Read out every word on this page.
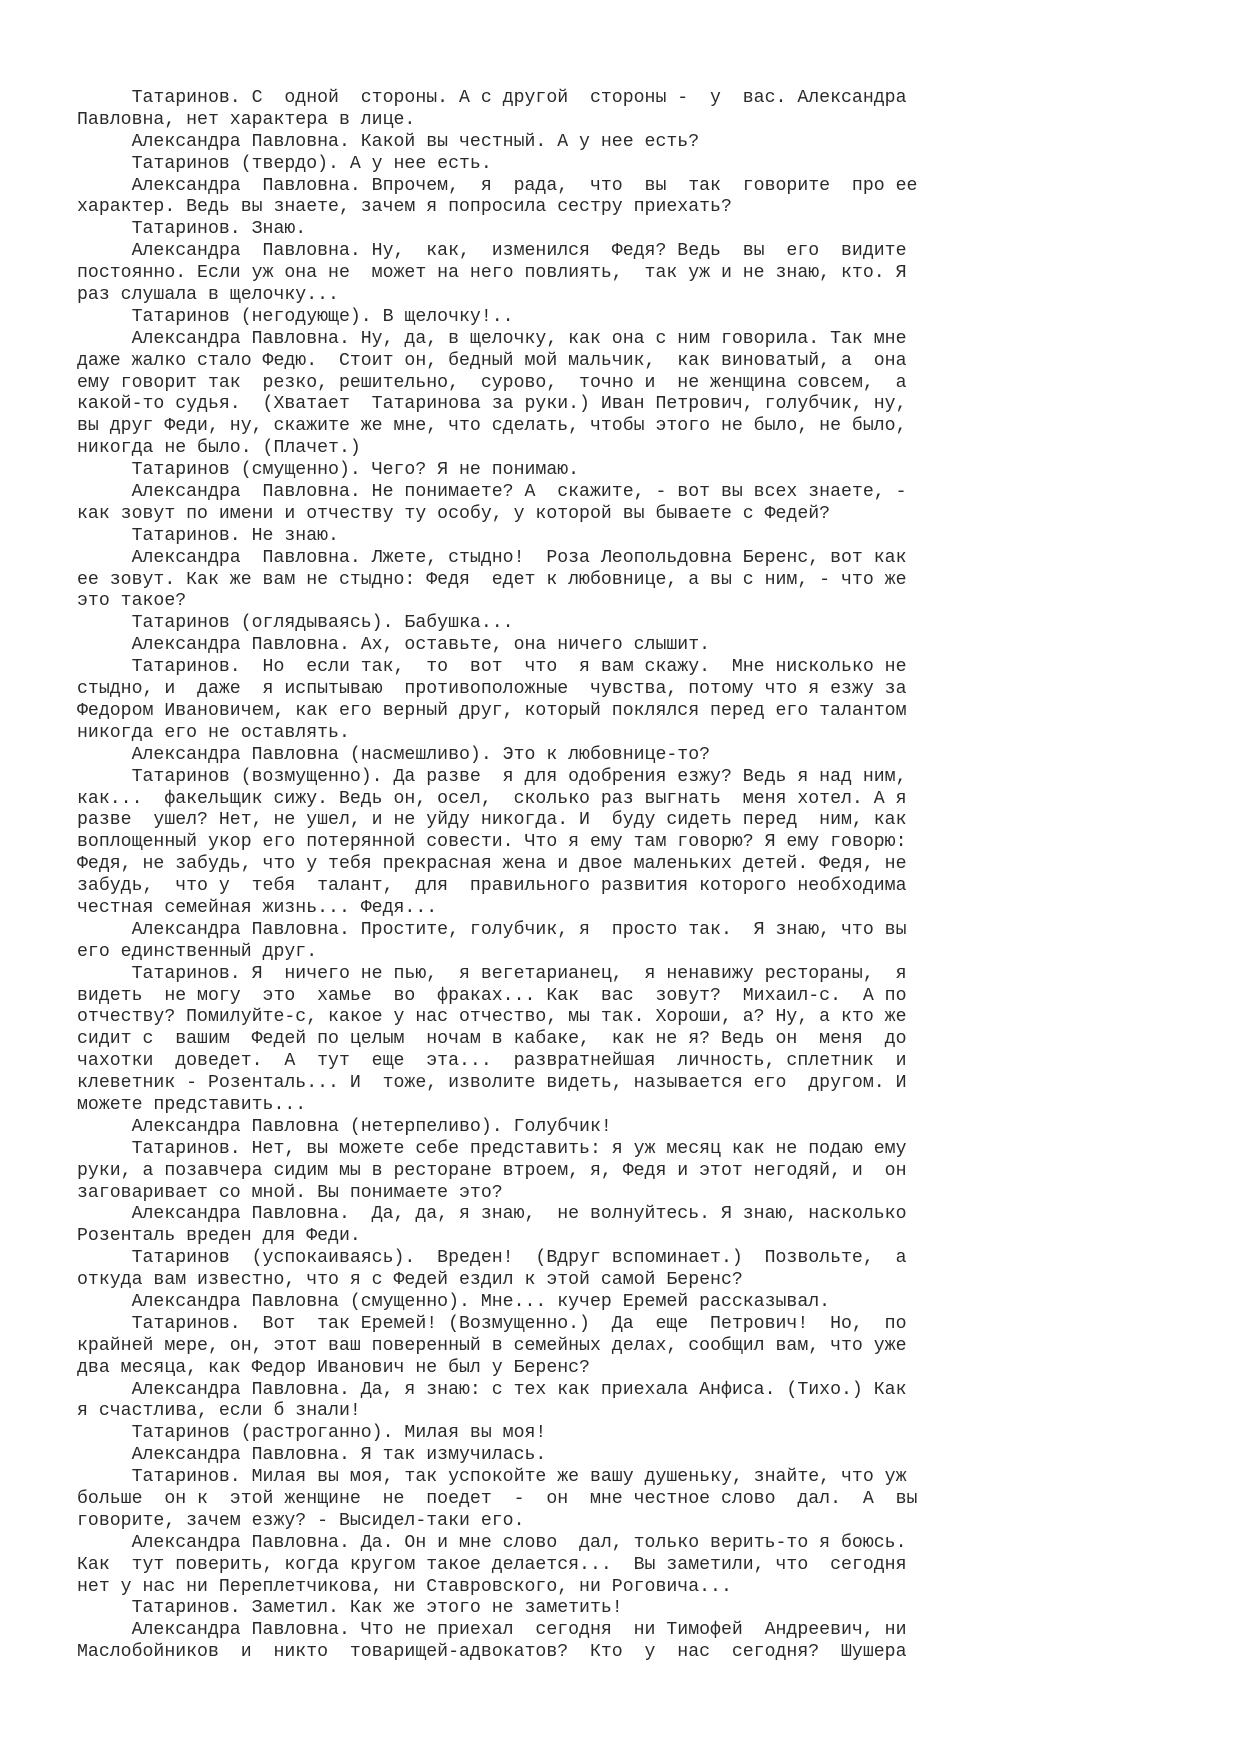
Татаринов. С  одной  стороны. А с другой  стороны -  у  вас. Александра
Павловна, нет характера в лице.
Александра Павловна. Какой вы честный. А у нее есть?
Татаринов (твердо). А у нее есть.
Александра  Павловна. Впрочем,  я  рада,  что  вы  так  говорите  про ее
характер. Ведь вы знаете, зачем я попросила сестру приехать?
Татаринов. Знаю.
Александра  Павловна. Ну,  как,  изменился  Федя? Ведь  вы  его  видите
постоянно. Если уж она не  может на него повлиять,  так уж и не знаю, кто. Я
раз слушала в щелочку...
Татаринов (негодующе). В щелочку!..
Александра Павловна. Ну, да, в щелочку, как она с ним говорила. Так мне
даже жалко стало Федю.  Стоит он, бедный мой мальчик,  как виноватый, а  она
ему говорит так  резко, решительно,  сурово,  точно и  не женщина совсем,  а
какой-то судья.  (Хватает  Татаринова за руки.) Иван Петрович, голубчик, ну,
вы друг Феди, ну, скажите же мне, что сделать, чтобы этого не было, не было,
никогда не было. (Плачет.)
Татаринов (смущенно). Чего? Я не понимаю.
Александра  Павловна. Не понимаете? А  скажите, - вот вы всех знаете, -
как зовут по имени и отчеству ту особу, у которой вы бываете с Федей?
Татаринов. Не знаю.
Александра  Павловна. Лжете, стыдно!  Роза Леопольдовна Беренс, вот как
ее зовут. Как же вам не стыдно: Федя  едет к любовнице, а вы с ним, - что же
это такое?
Татаринов (оглядываясь). Бабушка...
Александра Павловна. Ах, оставьте, она ничего слышит.
Татаринов.  Но  если так,  то  вот  что  я вам скажу.  Мне нисколько не
стыдно, и  даже  я испытываю  противоположные  чувства, потому что я езжу за
Федором Ивановичем, как его верный друг, который поклялся перед его талантом
никогда его не оставлять.
Александра Павловна (насмешливо). Это к любовнице-то?
Татаринов (возмущенно). Да разве  я для одобрения езжу? Ведь я над ним,
как...  факельщик сижу. Ведь он, осел,  сколько раз выгнать  меня хотел. А я
разве  ушел? Нет, не ушел, и не уйду никогда. И  буду сидеть перед  ним, как
воплощенный укор его потерянной совести. Что я ему там говорю? Я ему говорю:
Федя, не забудь, что у тебя прекрасная жена и двое маленьких детей. Федя, не
забудь,  что у  тебя  талант,  для  правильного развития которого необходима
честная семейная жизнь... Федя...
Александра Павловна. Простите, голубчик, я  просто так.  Я знаю, что вы
его единственный друг.
Татаринов. Я  ничего не пью,  я вегетарианец,  я ненавижу рестораны,  я
видеть  не могу  это  хамье  во  фраках... Как  вас  зовут?  Михаил-с.  А по
отчеству? Помилуйте-с, какое у нас отчество, мы так. Хороши, а? Ну, а кто же
сидит с  вашим  Федей по целым  ночам в кабаке,  как не я? Ведь он  меня  до
чахотки  доведет.  А  тут  еще  эта...  развратнейшая  личность, сплетник  и
клеветник - Розенталь... И  тоже, изволите видеть, называется его  другом. И
можете представить...
Александра Павловна (нетерпеливо). Голубчик!
Татаринов. Нет, вы можете себе представить: я уж месяц как не подаю ему
руки, а позавчера сидим мы в ресторане втроем, я, Федя и этот негодяй, и  он
заговаривает со мной. Вы понимаете это?
Александра Павловна.  Да, да, я знаю,  не волнуйтесь. Я знаю, насколько
Розенталь вреден для Феди.
Татаринов  (успокаиваясь).  Вреден!  (Вдруг вспоминает.)  Позвольте,  а
откуда вам известно, что я с Федей ездил к этой самой Беренс?
Александра Павловна (смущенно). Мне... кучер Еремей рассказывал.
Татаринов.  Вот  так Еремей! (Возмущенно.)  Да  еще  Петрович!  Но,  по
крайней мере, он, этот ваш поверенный в семейных делах, сообщил вам, что уже
два месяца, как Федор Иванович не был у Беренс?
Александра Павловна. Да, я знаю: с тех как приехала Анфиса. (Тихо.) Как
я счастлива, если б знали!
Татаринов (растроганно). Милая вы моя!
Александра Павловна. Я так измучилась.
Татаринов. Милая вы моя, так успокойте же вашу душеньку, знайте, что уж
больше  он к  этой женщине  не  поедет  -  он  мне честное слово  дал.  А  вы
говорите, зачем езжу? - Высидел-таки его.
Александра Павловна. Да. Он и мне слово  дал, только верить-то я боюсь.
Как  тут поверить, когда кругом такое делается...  Вы заметили, что  сегодня
нет у нас ни Переплетчикова, ни Ставровского, ни Роговича...
Татаринов. Заметил. Как же этого не заметить!
Александра Павловна. Что не приехал  сегодня  ни Тимофей  Андреевич, ни
Маслобойников  и  никто  товарищей-адвокатов?  Кто  у  нас  сегодня?  Шушера
